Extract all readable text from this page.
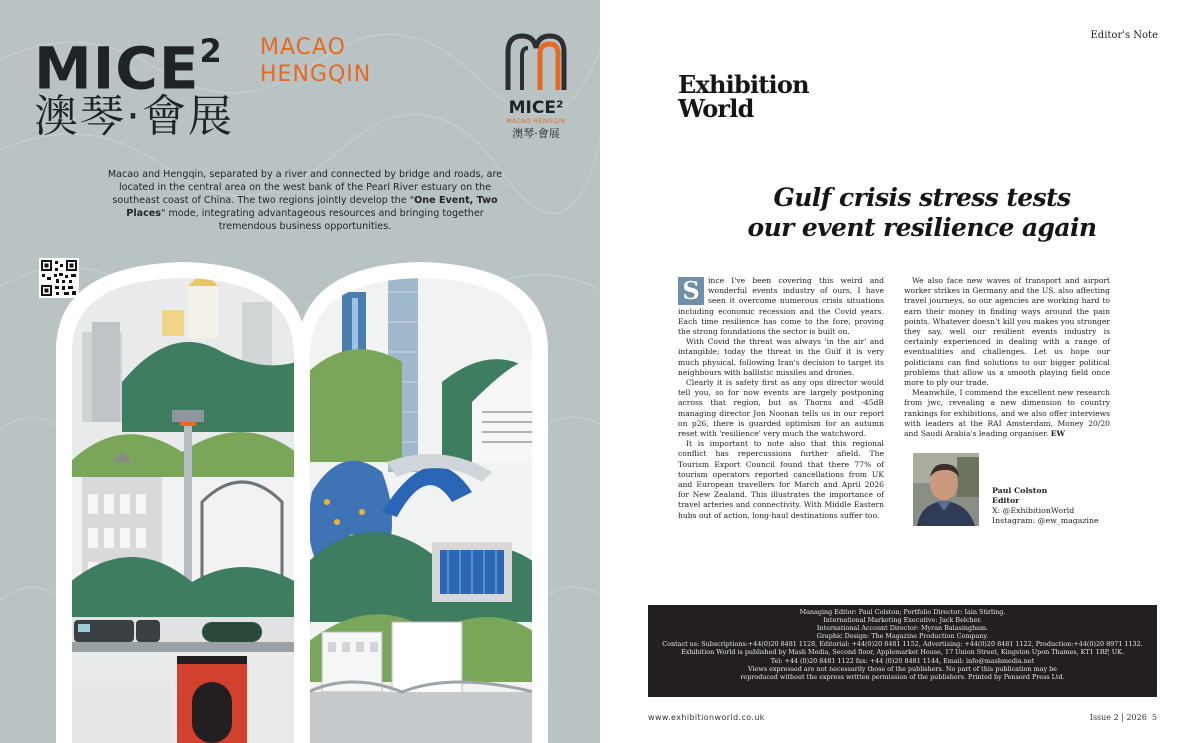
MICE$^2$ MACAO
HENGQIN
澳琴·會展	MICE²
MACAO·HENGQIN
澳琴·會展

Macao and Hengqin, separated by a river and connected by bridge and roads, are located in the central area on the west bank of the Pearl River estuary on the southeast coast of China. The two regions jointly develop the "One Event, Two Places" mode, integrating advantageous resources and bringing together tremendous business opportunities.

Editor's Note
Exhibition
World
Gulf crisis stress tests
our event resilience again

S	ince I've been covering this weird and wonderful events industry of ours, I have seen it overcome numerous crisis situations including economic recession and the Covid years. Each time resilience has come to the fore, proving the strong foundations the sector is built on.

With Covid the threat was always 'in the air' and intangible; today the threat in the Gulf it is very much physical, following Iran's decision to target its neighbours with ballistic missiles and drones.

Clearly it is safety first as any ops director would tell you, so for now events are largely postponing across that region, but as Thorns and -45dB managing director Jon Noonan tells us in our report on p26, there is guarded optimism for an autumn reset with 'resilience' very much the watchword.

It is important to note also that this regional conflict has repercussions further afield. The Tourism Export Council found that there 77% of tourism operators reported cancellations from UK and European travellers for March and April 2026 for New Zealand. This illustrates the importance of travel arteries and connectivity. With Middle Eastern hubs out of action, long-haul destinations suffer too.

We also face new waves of transport and airport worker strikes in Germany and the US, also affecting travel journeys, so our agencies are working hard to earn their money in finding ways around the pain points. Whatever doesn't kill you makes you stronger they say, well our resilient events industry is certainly experienced in dealing with a range of eventualities and challenges. Let us hope our politicians can find solutions to our bigger political problems that allow us a smooth playing field once more to ply our trade.

Meanwhile, I commend the excellent new research from jwc, revealing a new dimension to country rankings for exhibitions, and we also offer interviews with leaders at the RAI Amsterdam, Money 20/20 and Saudi Arabia's leading organiser. EW

Paul Colston
Editor
X: @ExhibitionWorld
Instagram: @ew_magazine
Managing Editor: Paul Colston; Portfolio Director: Iain Stirling.
International Marketing Executive: Jack Belcher.
International Account Director: Myran Balasingham.
Graphic Design: The Magazine Production Company.
Contact us: Subscriptions:+44(0)20 8481 1128, Editorial: +44(0)20 8481 1152, Advertising: +44(0)20 8481 1122, Production:+44(0)20 8971 1132.
Exhibition World is published by Mash Media, Second floor, Applemarket House, 17 Union Street, Kingston Upon Thames, KT1 1RP, UK.
Tel: +44 (0)20 8481 1122 fax: +44 (0)20 8481 1144, Email: info@mashmedia.net
Views expressed are not necessarily those of the publishers. No part of this publication may be
reproduced without the express written permission of the publishers. Printed by Pensord Press Ltd.
www.exhibitionworld.co.uk	Issue 2 | 2026 5
